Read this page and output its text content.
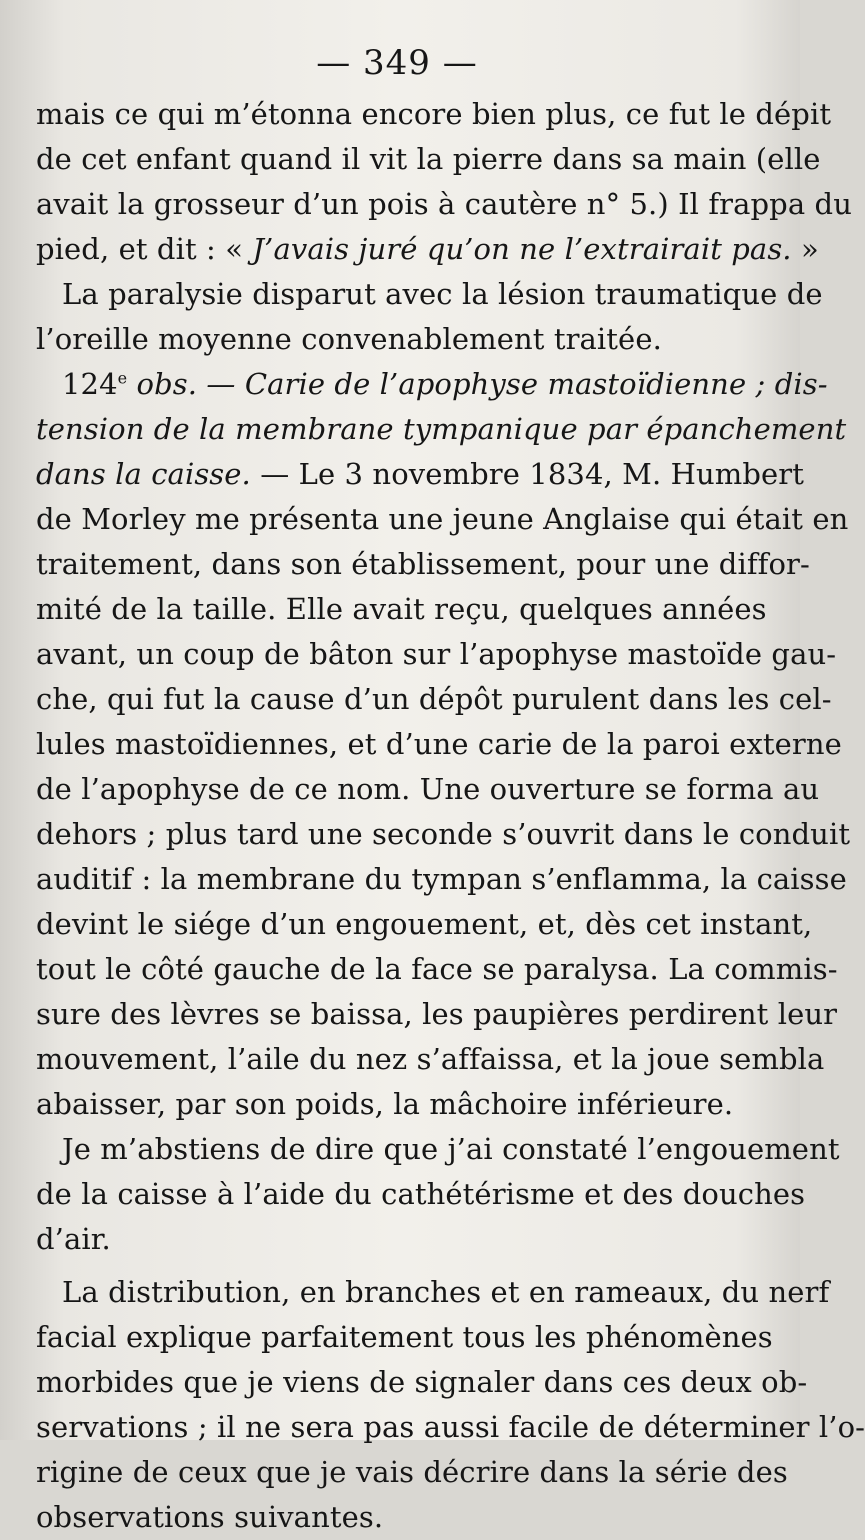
— 349 —
mais ce qui m’étonna encore bien plus, ce fut le dépit
de cet enfant quand il vit la pierre dans sa main (elle
avait la grosseur d’un pois à cautère n° 5.) Il frappa du
pied, et dit : « J’avais juré qu’on ne l’extrairait pas. »
La paralysie disparut avec la lésion traumatique de
l’oreille moyenne convenablement traitée.
124e obs. — Carie de l’apophyse mastoïdienne ; dis-
tension de la membrane tympanique par épanchement
dans la caisse. — Le 3 novembre 1834, M. Humbert
de Morley me présenta une jeune Anglaise qui était en
traitement, dans son établissement, pour une diffor-
mité de la taille. Elle avait reçu, quelques années
avant, un coup de bâton sur l’apophyse mastoïde gau-
che, qui fut la cause d’un dépôt purulent dans les cel-
lules mastoïdiennes, et d’une carie de la paroi externe
de l’apophyse de ce nom. Une ouverture se forma au
dehors ; plus tard une seconde s’ouvrit dans le conduit
auditif : la membrane du tympan s’enflamma, la caisse
devint le siége d’un engouement, et, dès cet instant,
tout le côté gauche de la face se paralysa. La commis-
sure des lèvres se baissa, les paupières perdirent leur
mouvement, l’aile du nez s’affaissa, et la joue sembla
abaisser, par son poids, la mâchoire inférieure.
Je m’abstiens de dire que j’ai constaté l’engouement
de la caisse à l’aide du cathétérisme et des douches
d’air.
La distribution, en branches et en rameaux, du nerf
facial explique parfaitement tous les phénomènes
morbides que je viens de signaler dans ces deux ob-
servations ; il ne sera pas aussi facile de déterminer l’o-
rigine de ceux que je vais décrire dans la série des
observations suivantes.
